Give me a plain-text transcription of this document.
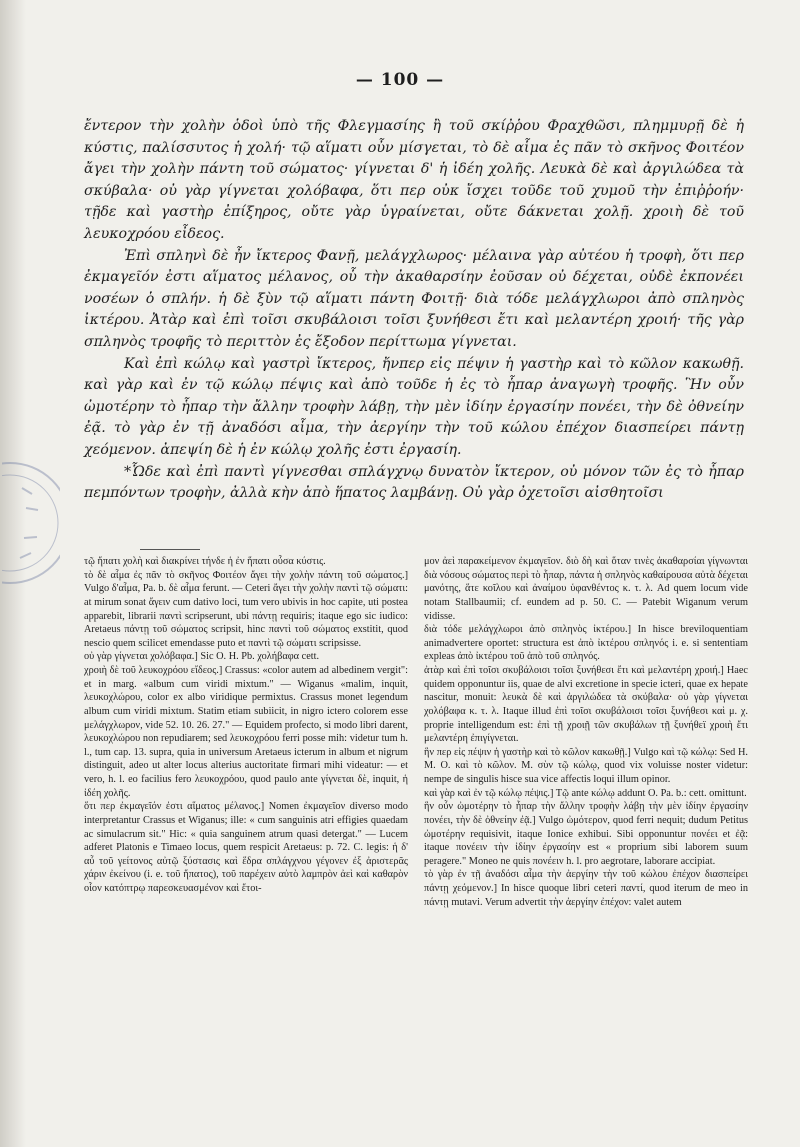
— 100 —

ἔντερον τὴν χολὴν ὁδοὶ ὑπὸ τῆς Φλεγμασίης ἢ τοῦ σκίῤῥου Φραχθῶσι, πλημμυρῇ δὲ ἡ κύστις, παλίσσυτος ἡ χολή· τῷ αἵματι οὖν μίσγεται, τὸ δὲ αἷμα ἐς πᾶν τὸ σκῆνος Φοιτέον ἄγει τὴν χολὴν πάντη τοῦ σώματος· γίγνεται δ' ἡ ἰδέη χολῆς. Λευκὰ δὲ καὶ ἀργιλώδεα τὰ σκύβαλα· οὐ γὰρ γίγνεται χολόβαφα, ὅτι περ οὐκ ἴσχει τοῦδε τοῦ χυμοῦ τὴν ἐπιῤῥοήν· τῇδε καὶ γαστὴρ ἐπίξηρος, οὔτε γὰρ ὑγραίνεται, οὔτε δάκνεται χολῇ. χροιὴ δὲ τοῦ λευκοχρόου εἶδεος.

Ἐπὶ σπληνὶ δὲ ἦν ἴκτερος Φανῇ, μελάγχλωρος· μέλαινα γὰρ αὐτέου ἡ τροφὴ, ὅτι περ ἐκμαγεῖόν ἐστι αἵματος μέλανος, οὗ τὴν ἀκαθαρσίην ἐοῦσαν οὐ δέχεται, οὐδὲ ἐκπονέει νοσέων ὁ σπλήν. ἡ δὲ ξὺν τῷ αἵματι πάντη Φοιτῇ· διὰ τόδε μελάγχλωροι ἀπὸ σπληνὸς ἰκτέρου. Ἀτὰρ καὶ ἐπὶ τοῖσι σκυβάλοισι τοῖσι ξυνήθεσι ἔτι καὶ μελαντέρη χροιή· τῆς γὰρ σπληνὸς τροφῆς τὸ περιττὸν ἐς ἔξοδον περίττωμα γίγνεται.

Καὶ ἐπὶ κώλῳ καὶ γαστρὶ ἴκτερος, ἤνπερ εἰς πέψιν ἡ γαστὴρ καὶ τὸ κῶλον κακωθῇ. καὶ γὰρ καὶ ἐν τῷ κώλῳ πέψις καὶ ἀπὸ τοῦδε ἡ ἐς τὸ ἧπαρ ἀναγωγὴ τροφῆς. Ἣν οὖν ὠμοτέρην τὸ ἧπαρ τὴν ἄλλην τροφὴν λάβῃ, τὴν μὲν ἰδίην ἐργασίην πονέει, τὴν δὲ ὀθνείην ἐᾷ. τὸ γὰρ ἐν τῇ ἀναδόσι αἷμα, τὴν ἀεργίην τὴν τοῦ κώλου ἐπέχον διασπείρει πάντῃ χεόμενον. ἀπεψίη δὲ ἡ ἐν κώλῳ χολῆς ἐστι ἐργασίη.

*Ὧδε καὶ ἐπὶ παντὶ γίγνεσθαι σπλάγχνῳ δυνατὸν ἴκτερον, οὐ μόνον τῶν ἐς τὸ ἧπαρ πεμπόντων τροφὴν, ἀλλὰ κὴν ἀπὸ ἥπατος λαμβάνῃ. Οὐ γὰρ ὀχετοῖσι αἰσθητοῖσι

τῷ ἥπατι χολὴ καὶ διακρίνει τήνδε ἡ ἐν ἥπατι οὖσα κύστις.

τὸ δὲ αἷμα ἐς πᾶν τὸ σκῆνος Φοιτέον ἄγει τὴν χολὴν πάντη τοῦ σώματος.] Vulgo δ'αἷμα, Pa. b. δὲ αἷμα ferunt. — Ceteri ἄγει τὴν χολὴν παντὶ τῷ σώματι: at mirum sonat ἄγειν cum dativo loci, tum vero ubivis in hoc capite, uti postea apparebit, librarii παντὶ scripserunt, ubi πάντῃ requiris; itaque ego sic iudico: Aretaeus πάντῃ τοῦ σώματος scripsit, hinc παντὶ τοῦ σώματος exstitit, quod nescio quem scilicet emendasse puto et παντὶ τῷ σώματι scripsisse.

οὐ γὰρ γίγνεται χολόβαφα.] Sic O. H. Pb. χολήβαφα cett.

χροιὴ δὲ τοῦ λευκοχρόου εἴδεος.] Crassus: «color autem ad albedinem vergit": et in marg. «album cum viridi mixtum." — Wiganus «malim, inquit, λευκοχλώρου, color ex albo viridique permixtus. Crassus monet legendum album cum viridi mixtum. Statim etiam subiicit, in nigro ictero colorem esse μελάγχλωρον, vide 52. 10. 26. 27." — Equidem profecto, si modo libri darent, λευκοχλώρου non repudiarem; sed λευκοχρόου ferri posse mih: videtur tum h. l., tum cap. 13. supra, quia in universum Aretaeus icterum in album et nigrum distinguit, adeo ut alter locus alterius auctoritate firmari mihi videatur: — et vero, h. l. eo facilius fero λευκοχρόου, quod paulo ante γίγνεται δὲ, inquit, ἡ ἰδέη χολῆς.

ὅτι περ ἐκμαγεῖόν ἐστι αἵματος μέλανος.] Nomen ἐκμαγεῖον diverso modo interpretantur Crassus et Wiganus; ille: « cum sanguinis atri effigies quaedam ac simulacrum sit." Hic: « quia sanguinem atrum quasi detergat." — Lucem adferet Platonis e Timaeo locus, quem respicit Aretaeus: p. 72. C. legis: ἡ δ' αὖ τοῦ γείτονος αὐτῷ ξύστασις καὶ ἕδρα σπλάγχνου γέγονεν ἐξ ἀριστερᾶς χάριν ἐκείνου (i. e. τοῦ ἥπατος), τοῦ παρέχειν αὐτὸ λαμπρὸν ἀεὶ καὶ καθαρὸν οἷον κατόπτρῳ παρεσκευασμένον καὶ ἕτοι-

μον ἀεὶ παρακείμενον ἐκμαγεῖον. διὸ δὴ καὶ ὅταν τινὲς ἀκαθαρσίαι γίγνωνται διὰ νόσους σώματος περὶ τὸ ἧπαρ, πάντα ἡ σπληνὸς καθαίρουσα αὐτὰ δέχεται μανότης, ἅτε κοῖλου καὶ ἀναίμου ὑφανθέντος κ. τ. λ. Ad quem locum vide notam Stallbaumii; cf. eundem ad p. 50. C. — Patebit Wiganum verum vidisse.

διὰ τόδε μελάγχλωροι ἀπὸ σπληνὸς ἰκτέρου.] In hisce breviloquentiam animadvertere oportet: structura est ἀπὸ ἰκτέρου σπληνός i. e. si sententiam expleas ἀπὸ ἰκτέρου τοῦ ἀπὸ τοῦ σπληνός.

ἀτὰρ καὶ ἐπὶ τοῖσι σκυβάλοισι τοῖσι ξυνήθεσι ἔτι καὶ μελαντέρη χροιή.] Haec quidem opponuntur iis, quae de alvi excretione in specie icteri, quae ex hepate nascitur, monuit: λευκὰ δὲ καὶ ἀργιλώδεα τὰ σκύβαλα· οὐ γὰρ γίγνεται χολόβαφα κ. τ. λ. Itaque illud ἐπὶ τοῖσι σκυβάλοισι τοῖσι ξυνήθεσι καὶ μ. χ. proprie intelligendum est: ἐπὶ τῇ χροιῇ τῶν σκυβάλων τῇ ξυνήθεϊ χροιὴ ἔτι μελαντέρη ἐπιγίγνεται.

ἣν περ εἰς πέψιν ἡ γαστὴρ καὶ τὸ κῶλον κακωθῇ.] Vulgo καὶ τῷ κώλῳ: Sed H. M. O. καὶ τὸ κῶλον. M. σὺν τῷ κώλῳ, quod vix voluisse noster videtur: nempe de singulis hisce sua vice affectis loqui illum opinor.

καὶ γὰρ καὶ ἐν τῷ κώλῳ πέψις.] Τῷ ante κώλῳ addunt O. Pa. b.: cett. omittunt.

ἣν οὖν ὠμοτέρην τὸ ἧπαρ τὴν ἄλλην τροφὴν λάβῃ τὴν μὲν ἰδίην ἐργασίην πονέει, τὴν δὲ ὀθνείην ἐᾷ.] Vulgo ὠμότερον, quod ferri nequit; dudum Petitus ὠμοτέρην requisivit, itaque Ionice exhibui. Sibi opponuntur πονέει et ἐᾷ: itaque πονέειν τὴν ἰδίην ἐργασίην est « proprium sibi laborem suum peragere." Moneo ne quis πονέειν h. l. pro aegrotare, laborare accipiat.

τὸ γὰρ ἐν τῇ ἀναδόσι αἷμα τὴν ἀεργίην τὴν τοῦ κώλου ἐπέχον διασπείρει πάντῃ χεόμενον.] In hisce quoque libri ceteri παντί, quod iterum de meo in πάντῃ mutavi. Verum advertit τὴν ἀεργίην ἐπέχον: valet autem
